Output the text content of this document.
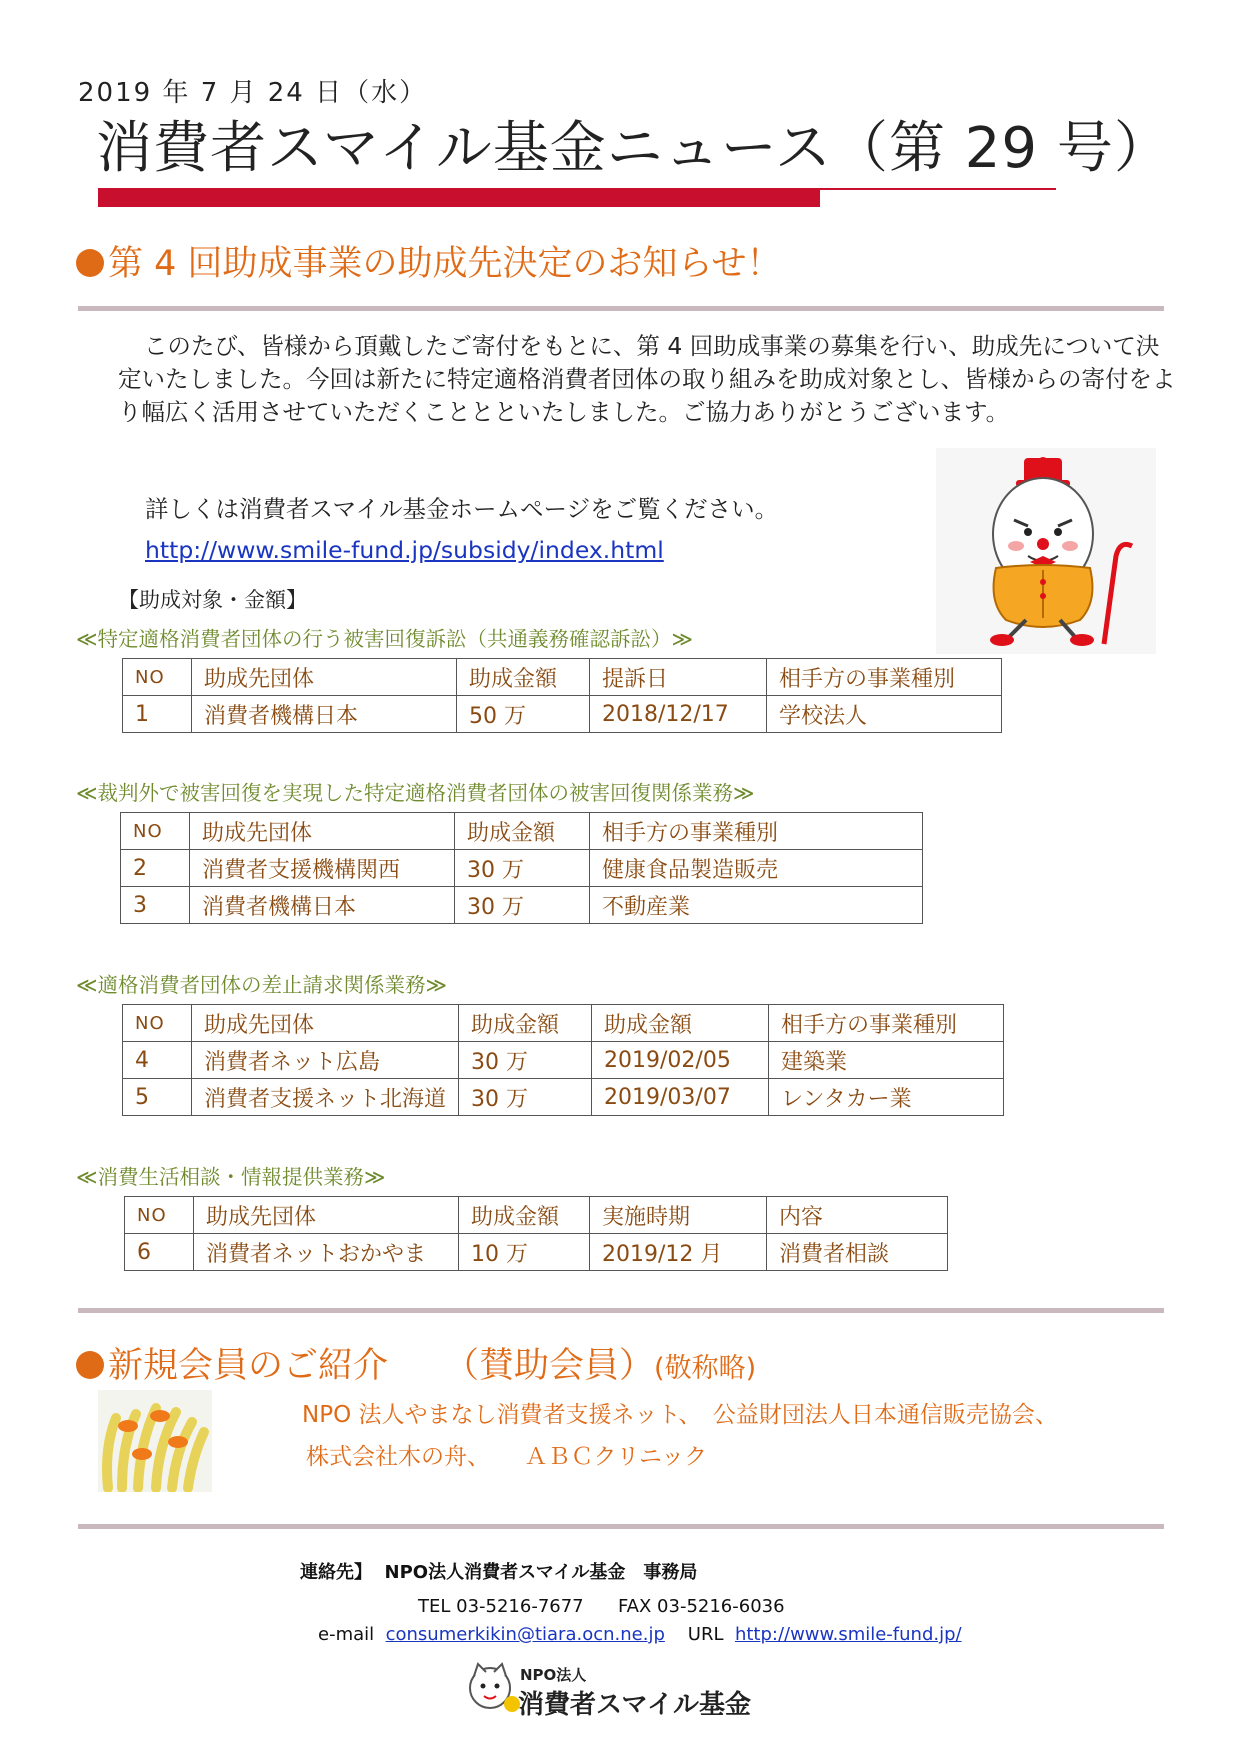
2019 年 7 月 24 日（水）
消費者スマイル基金ニュース（第 29 号）
第 4 回助成事業の助成先決定のお知らせ！
このたび、皆様から頂戴したご寄付をもとに、第 4 回助成事業の募集を行い、助成先について決定いたしました。今回は新たに特定適格消費者団体の取り組みを助成対象とし、皆様からの寄付をより幅広く活用させていただくこととといたしました。ご協力ありがとうございます。
詳しくは消費者スマイル基金ホームページをご覧ください。
http://www.smile-fund.jp/subsidy/index.html
【助成対象・金額】
≪特定適格消費者団体の行う被害回復訴訟（共通義務確認訴訟）≫
NO	助成先団体	助成金額	提訴日	相手方の事業種別
1	消費者機構日本	50 万	2018/12/17	学校法人
≪裁判外で被害回復を実現した特定適格消費者団体の被害回復関係業務≫
NO	助成先団体	助成金額	相手方の事業種別
2	消費者支援機構関西	30 万	健康食品製造販売
3	消費者機構日本	30 万	不動産業
≪適格消費者団体の差止請求関係業務≫
NO	助成先団体	助成金額	助成金額	相手方の事業種別
4	消費者ネット広島	30 万	2019/02/05	建築業
5	消費者支援ネット北海道	30 万	2019/03/07	レンタカー業
≪消費生活相談・情報提供業務≫
NO	助成先団体	助成金額	実施時期	内容
6	消費者ネットおかやま	10 万	2019/12 月	消費者相談
新規会員のご紹介 （賛助会員）(敬称略)
NPO 法人やまなし消費者支援ネット、　公益財団法人日本通信販売協会、
株式会社木の舟、　　ＡＢＣクリニック
連絡先】 NPO法人消費者スマイル基金　事務局
TEL 03-5216-7677 FAX 03-5216-6036
e-mail consumerkikin@tiara.ocn.ne.jp URL http://www.smile-fund.jp/
NPO法人
消費者スマイル基金
